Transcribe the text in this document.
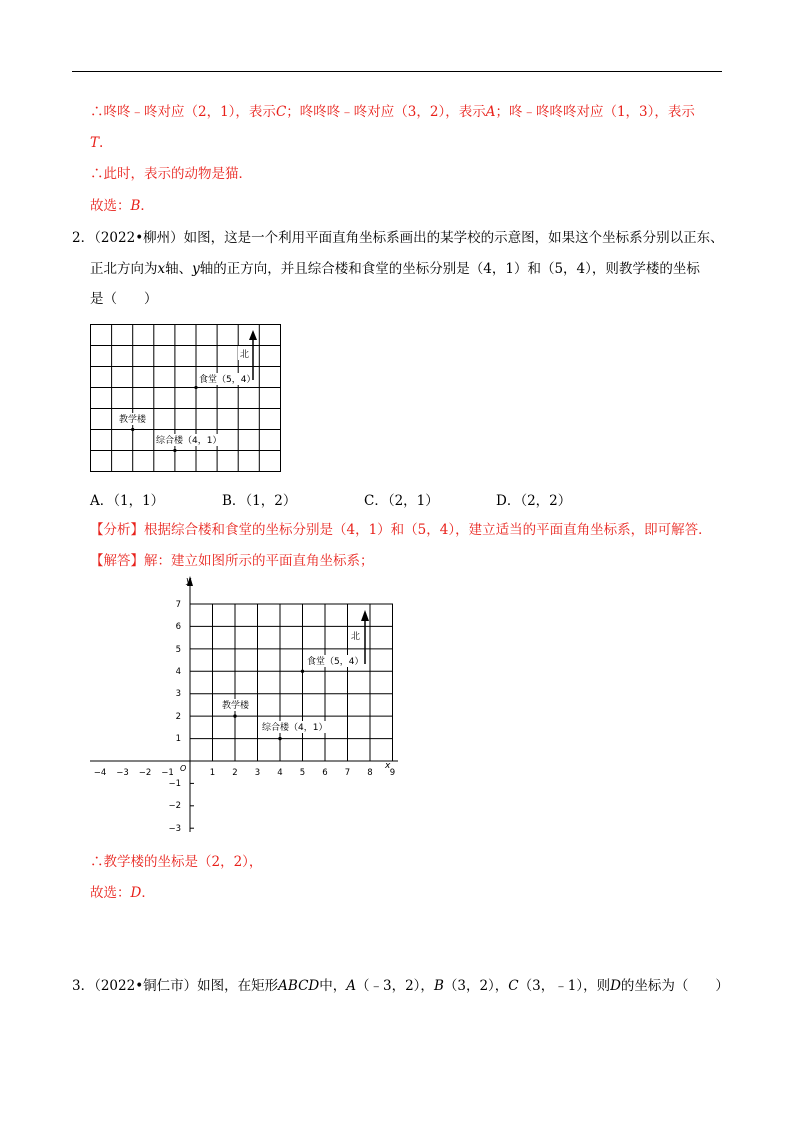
∴咚咚﹣咚对应（2，1），表示C；咚咚咚﹣咚对应（3，2），表示A；咚﹣咚咚咚对应（1，3），表示
T.
∴此时，表示的动物是猫．
故选：B．
2．（2022•柳州）如图，这是一个利用平面直角坐标系画出的某学校的示意图，如果这个坐标系分别以正东、
正北方向为x轴、y轴的正方向，并且综合楼和食堂的坐标分别是（4，1）和（5，4），则教学楼的坐标
是（　　）
北
食堂（5，4）
教学楼
综合楼（4，1）
A．（1，1）	B．（1，2）	C．（2，1）	D．（2，2）
【分析】根据综合楼和食堂的坐标分别是（4，1）和（5，4），建立适当的平面直角坐标系，即可解答．
【解答】解：建立如图所示的平面直角坐标系；
y
x
O
−4 −3 −2 −1	1 2 3 4 5 6 7 8 9
7
6
5
4
3
2
1
−1
−2
−3
北
食堂（5，4）
教学楼
综合楼（4，1）
∴教学楼的坐标是（2，2），
故选：D．
3．（2022•铜仁市）如图，在矩形ABCD中，A（﹣3，2），B（3，2），C（3，﹣1），则D的坐标为（　　）
